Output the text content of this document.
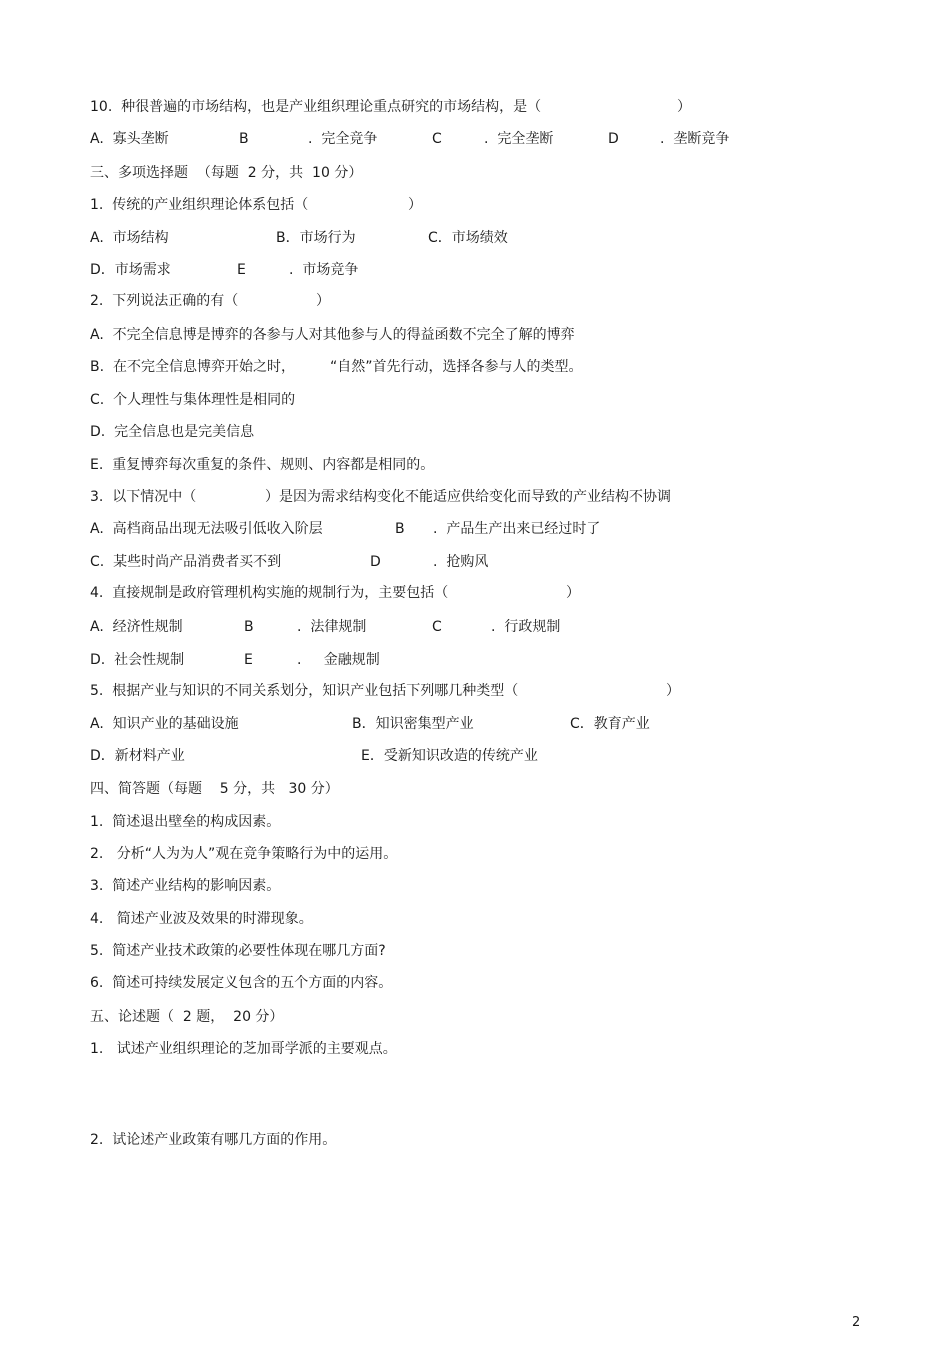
10.  种很普遍的市场结构，也是产业组织理论重点研究的市场结构，是（	）
A.  寡头垄断	B	.  完全竞争	C	.  完全垄断	D	.  垄断竞争
三、多项选择题  （每题  2 分，共  10 分）
1.  传统的产业组织理论体系包括（	）
A.  市场结构	B．市场行为	C．市场绩效
D．市场需求	E	.  市场竞争
2.  下列说法正确的有（	）
A.  不完全信息博是博弈的各参与人对其他参与人的得益函数不完全了解的博弈
B.  在不完全信息博弈开始之时，	“自然”首先行动，选择各参与人的类型。
C.  个人理性与集体理性是相同的
D.  完全信息也是完美信息
E.  重复博弈每次重复的条件、规则、内容都是相同的。
3.  以下情况中（	）是因为需求结构变化不能适应供给变化而导致的产业结构不协调
A.  高档商品出现无法吸引低收入阶层	B .  产品生产出来已经过时了
C.  某些时尚产品消费者买不到	D	.  抢购风
4.  直接规制是政府管理机构实施的规制行为，主要包括（	）
A.  经济性规制	B	.  法律规制	C	.  行政规制
D.  社会性规制	E	.     金融规制
5.  根据产业与知识的不同关系划分，知识产业包括下列哪几种类型（	）
A.  知识产业的基础设施	B．知识密集型产业	C．教育产业
D．新材料产业	E．受新知识改造的传统产业
四、简答题（每题    5 分，共   30 分）
1.  简述退出壁垒的构成因素。
2.   分析“人为为人”观在竞争策略行为中的运用。
3.  简述产业结构的影响因素。
4.   简述产业波及效果的时滞现象。
5.  简述产业技术政策的必要性体现在哪几方面?
6.  简述可持续发展定义包含的五个方面的内容。
五、论述题（  2 题，  20 分）
1.   试述产业组织理论的芝加哥学派的主要观点。
2.  试论述产业政策有哪几方面的作用。
2
